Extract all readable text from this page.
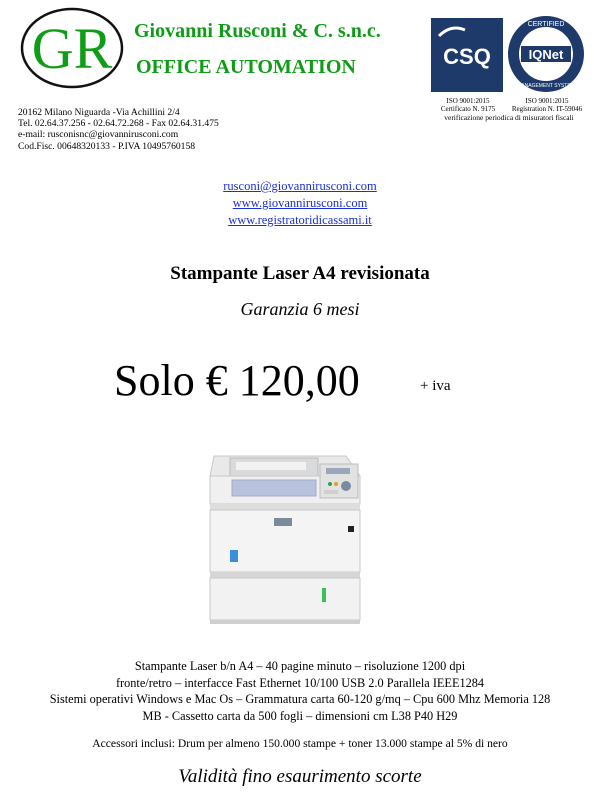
GR Giovanni Rusconi & C. s.n.c.
OFFICE AUTOMATION
20162 Milano Niguarda -Via Achillini 2/4
Tel. 02.64.37.256 - 02.64.72.268 - Fax 02.64.31.475
e-mail: rusconisnc@giovannirusconi.com
Cod.Fisc. 00648320133 - P.IVA 10495760158
CSQ
CERTIFIED
IQNet
MANAGEMENT SYSTEM
ISO 9001:2015
Certificato N. 9175
ISO 9001:2015
Registration N. IT-59046
verificazione periodica di misuratori fiscali
rusconi@giovannirusconi.com
www.giovannirusconi.com
www.registratoridicassami.it
Stampante Laser A4 revisionata
Garanzia 6 mesi
Solo € 120,00	+ iva
Stampante Laser b/n A4 – 40 pagine minuto – risoluzione 1200 dpi
fronte/retro – interfacce Fast Ethernet 10/100 USB 2.0 Parallela IEEE1284
Sistemi operativi Windows e Mac Os – Grammatura carta 60-120 g/mq – Cpu 600 Mhz Memoria 128
MB - Cassetto carta da 500 fogli – dimensioni cm L38 P40 H29
Accessori inclusi: Drum per almeno 150.000 stampe + toner 13.000 stampe al 5% di nero
Validità fino esaurimento scorte
